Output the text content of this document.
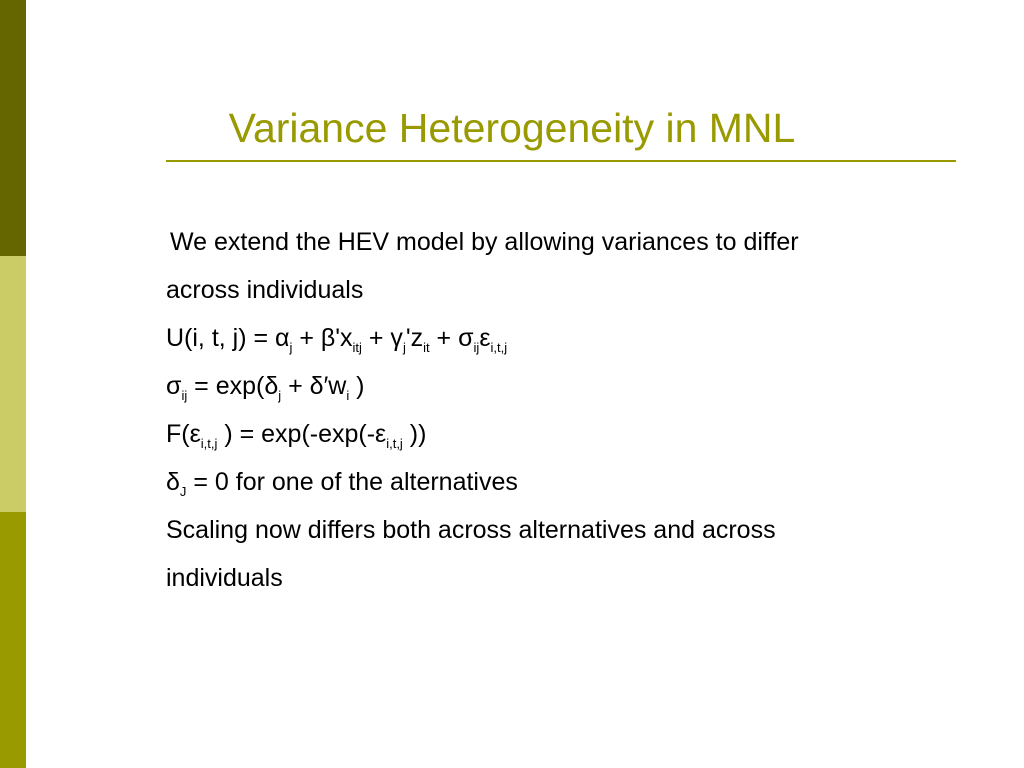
Variance Heterogeneity in MNL
We extend the HEV model by allowing variances to differ
across individuals
U(i, t, $j) = \alpha_j + \beta'x_{itj} + \gamma_j'z_{it} + \sigma_{ij}\varepsilon_{i,t,j}$
$\sigma_{ij} = \exp(\delta_j + \delta'w_i$ )
$F(\varepsilon_{i,t,j}$ ) = $\exp(-\exp(-\varepsilon_{i,t,j}$ ))
$\delta_J = 0$ for one of the alternatives
Scaling now differs both across alternatives and across
individuals
